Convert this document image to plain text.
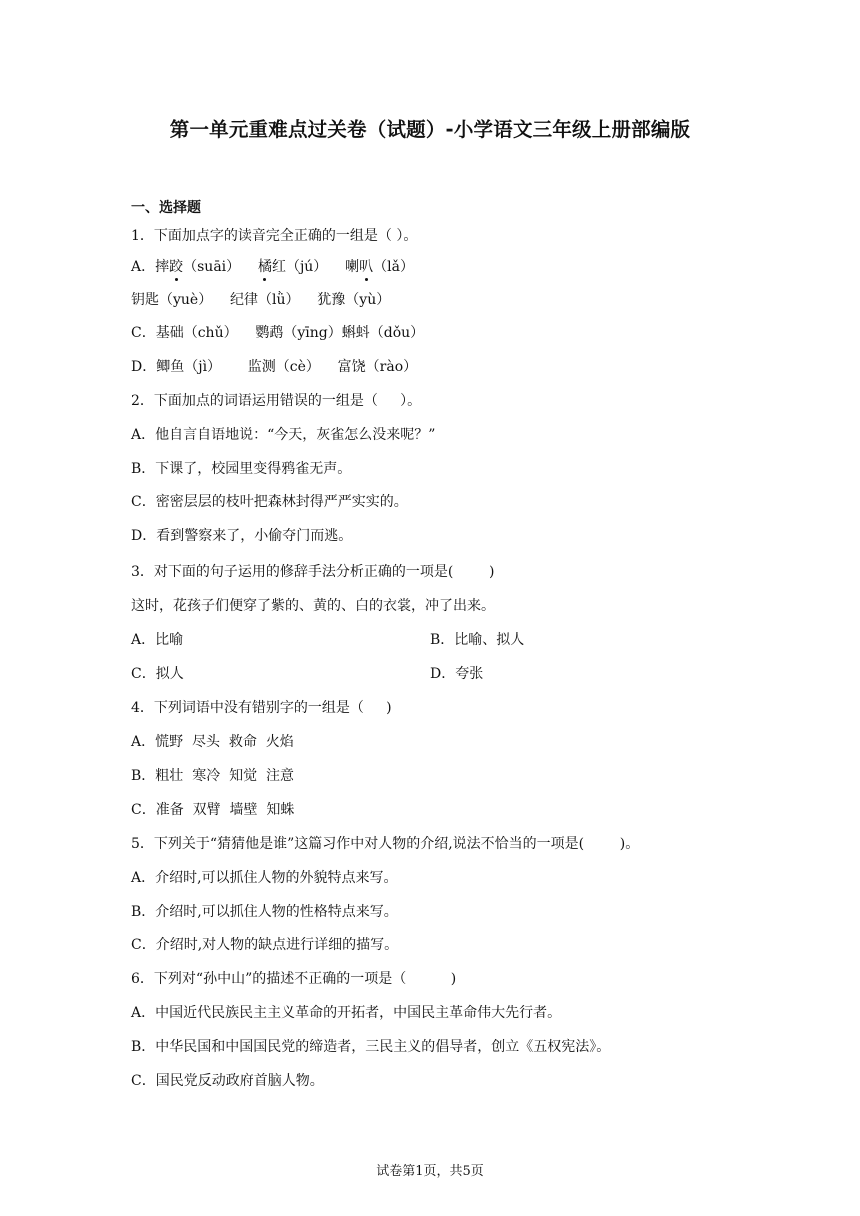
第一单元重难点过关卷（试题）-小学语文三年级上册部编版
一、选择题
1．下面加点字的读音完全正确的一组是（ ）。
A．摔跤（suāi）    橘红（jú）    喇叭（lǎ）
钥匙（yuè）    纪律（lǜ）    犹豫（yù）
C．基础（chǔ）    鹦鹉（yīng）蝌蚪（dǒu）
D．鲫鱼（jì）      监测（cè）    富饶（rào）
2．下面加点的词语运用错误的一组是（     ）。
A．他自言自语地说：“今天，灰雀怎么没来呢？”
B．下课了，校园里变得鸦雀无声。
C．密密层层的枝叶把森林封得严严实实的。
D．看到警察来了，小偷夺门而逃。
3．对下面的句子运用的修辞手法分析正确的一项是(        )
这时，花孩子们便穿了紫的、黄的、白的衣裳，冲了出来。
A．比喻	B．比喻、拟人
C．拟人	D．夸张
4．下列词语中没有错别字的一组是（     )
A．慌野  尽头  救命  火焰
B．粗壮  寒冷  知觉  注意
C．准备  双臂  墙壁  知蛛
5．下列关于“猜猜他是谁”这篇习作中对人物的介绍,说法不恰当的一项是(        )。
A．介绍时,可以抓住人物的外貌特点来写。
B．介绍时,可以抓住人物的性格特点来写。
C．介绍时,对人物的缺点进行详细的描写。
6．下列对“孙中山”的描述不正确的一项是（          )
A．中国近代民族民主主义革命的开拓者，中国民主革命伟大先行者。
B．中华民国和中国国民党的缔造者，三民主义的倡导者，创立《五权宪法》。
C．国民党反动政府首脑人物。
试卷第1页，共5页
